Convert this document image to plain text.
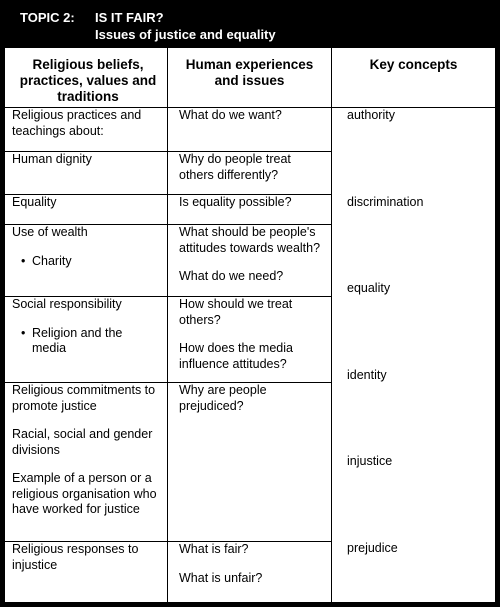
TOPIC 2: IS IT FAIR?
Issues of justice and equality
Religious beliefs, practices, values and traditions
Human experiences and issues
Key concepts

Religious practices and teachings about:

What do we want?

Human dignity	Why do people treat others differently?

Equality	Is equality possible?

Use of wealth

• Charity

What should be people's attitudes towards wealth?

What do we need?

Social responsibility

• Religion and the media

How should we treat others?

How does the media influence attitudes?

Religious commitments to promote justice

Racial, social and gender divisions

Example of a person or a religious organisation who have worked for justice

Why are people prejudiced?

Religious responses to injustice

What is fair?

What is unfair?

authority
discrimination
equality
identity
injustice
prejudice
